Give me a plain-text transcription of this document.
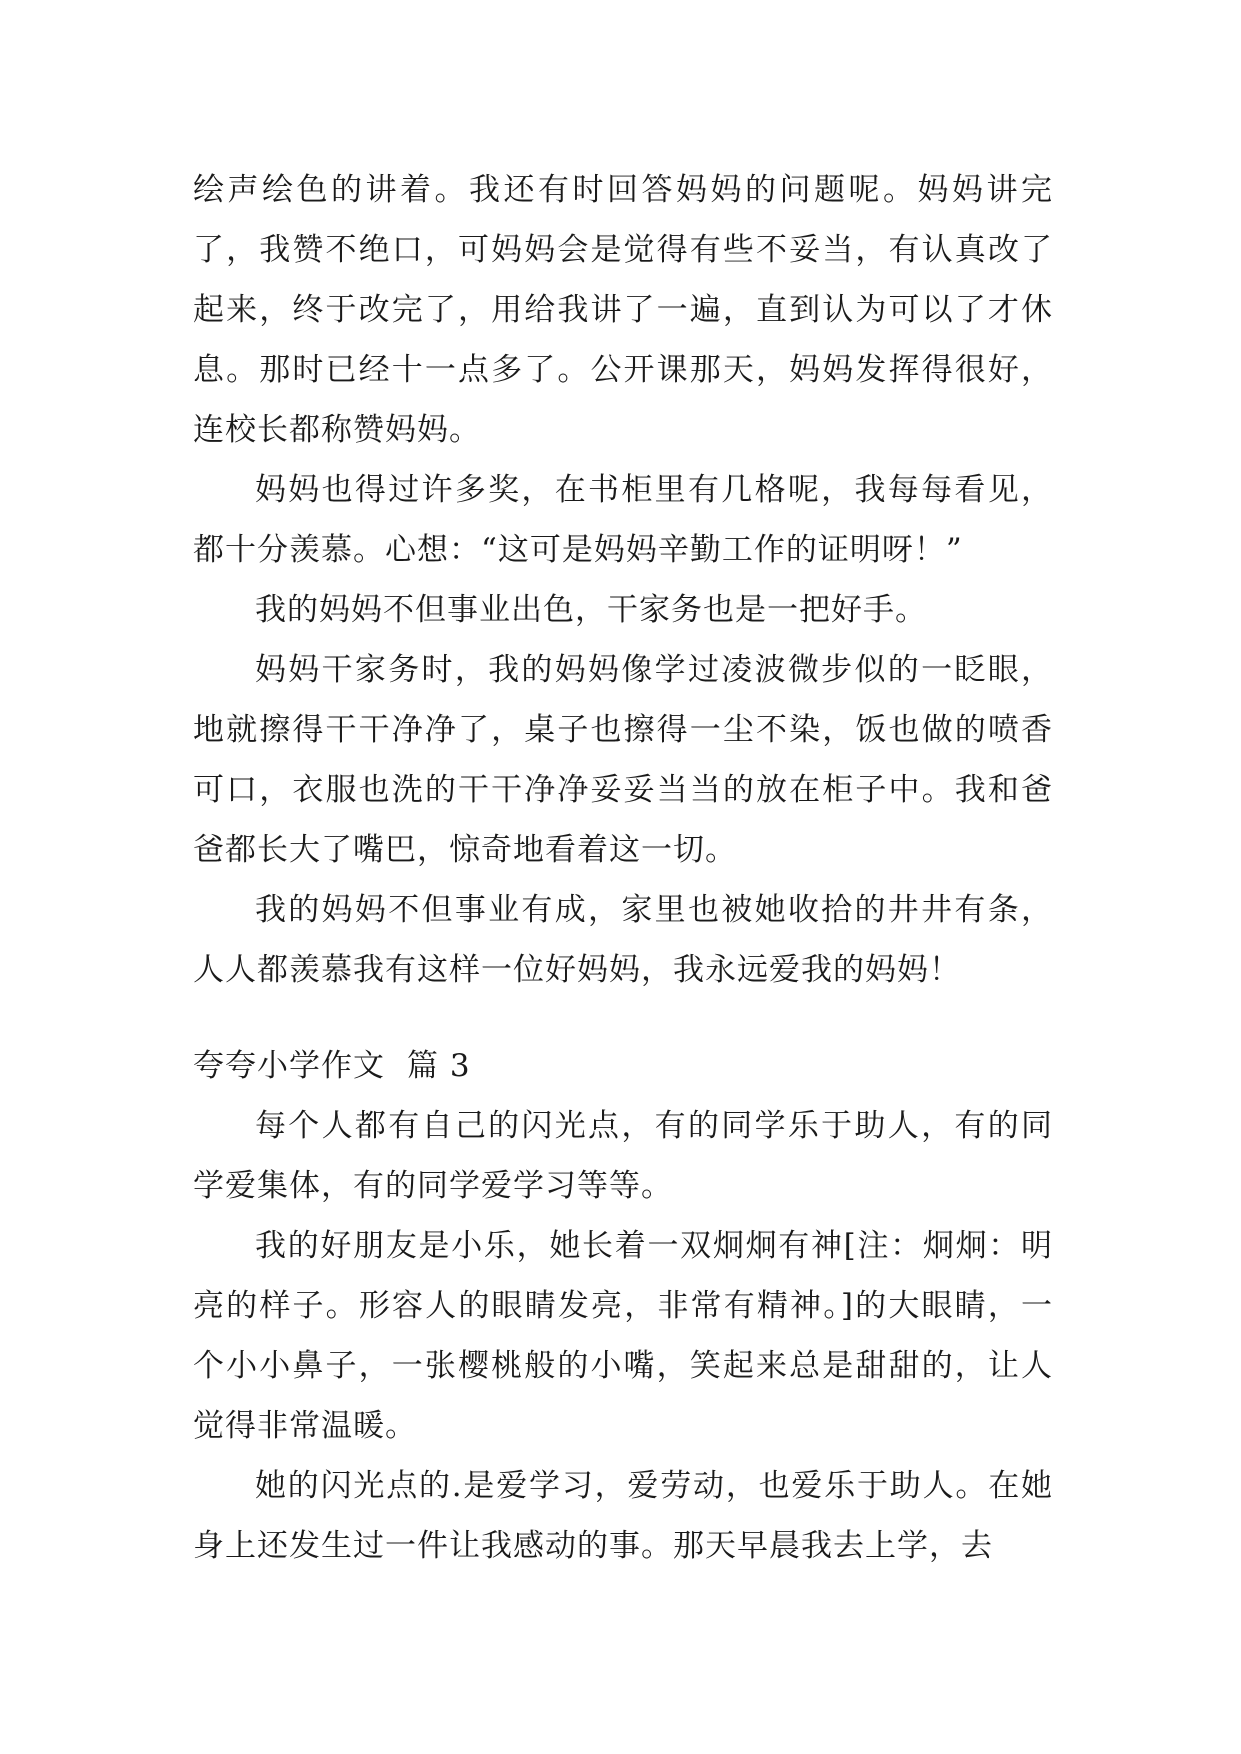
绘声绘色的讲着。我还有时回答妈妈的问题呢。妈妈讲完了，我赞不绝口，可妈妈会是觉得有些不妥当，有认真改了起来，终于改完了，用给我讲了一遍，直到认为可以了才休息。那时已经十一点多了。公开课那天，妈妈发挥得很好，连校长都称赞妈妈。

妈妈也得过许多奖，在书柜里有几格呢，我每每看见，都十分羡慕。心想：“这可是妈妈辛勤工作的证明呀！”

我的妈妈不但事业出色，干家务也是一把好手。

妈妈干家务时，我的妈妈像学过凌波微步似的一眨眼，地就擦得干干净净了，桌子也擦得一尘不染，饭也做的喷香可口，衣服也洗的干干净净妥妥当当的放在柜子中。我和爸爸都长大了嘴巴，惊奇地看着这一切。

我的妈妈不但事业有成，家里也被她收拾的井井有条，人人都羡慕我有这样一位好妈妈，我永远爱我的妈妈！

夸夸小学作文 篇 3

每个人都有自己的闪光点，有的同学乐于助人，有的同学爱集体，有的同学爱学习等等。

我的好朋友是小乐，她长着一双炯炯有神[注：炯炯：明亮的样子。形容人的眼睛发亮，非常有精神。]的大眼睛，一个小小鼻子，一张樱桃般的小嘴，笑起来总是甜甜的，让人觉得非常温暖。

她的闪光点的.是爱学习，爱劳动，也爱乐于助人。在她身上还发生过一件让我感动的事。那天早晨我去上学，去
